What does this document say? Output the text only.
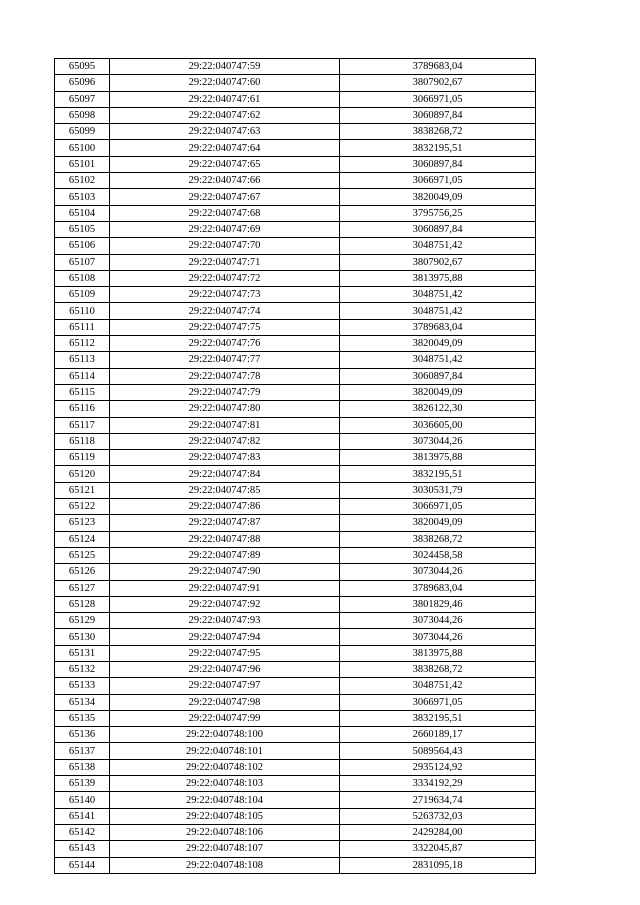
65095	29:22:040747:59	3789683,04
65096	29:22:040747:60	3807902,67
65097	29:22:040747:61	3066971,05
65098	29:22:040747:62	3060897,84
65099	29:22:040747:63	3838268,72
65100	29:22:040747:64	3832195,51
65101	29:22:040747:65	3060897,84
65102	29:22:040747:66	3066971,05
65103	29:22:040747:67	3820049,09
65104	29:22:040747:68	3795756,25
65105	29:22:040747:69	3060897,84
65106	29:22:040747:70	3048751,42
65107	29:22:040747:71	3807902,67
65108	29:22:040747:72	3813975,88
65109	29:22:040747:73	3048751,42
65110	29:22:040747:74	3048751,42
65111	29:22:040747:75	3789683,04
65112	29:22:040747:76	3820049,09
65113	29:22:040747:77	3048751,42
65114	29:22:040747:78	3060897,84
65115	29:22:040747:79	3820049,09
65116	29:22:040747:80	3826122,30
65117	29:22:040747:81	3036605,00
65118	29:22:040747:82	3073044,26
65119	29:22:040747:83	3813975,88
65120	29:22:040747:84	3832195,51
65121	29:22:040747:85	3030531,79
65122	29:22:040747:86	3066971,05
65123	29:22:040747:87	3820049,09
65124	29:22:040747:88	3838268,72
65125	29:22:040747:89	3024458,58
65126	29:22:040747:90	3073044,26
65127	29:22:040747:91	3789683,04
65128	29:22:040747:92	3801829,46
65129	29:22:040747:93	3073044,26
65130	29:22:040747:94	3073044,26
65131	29:22:040747:95	3813975,88
65132	29:22:040747:96	3838268,72
65133	29:22:040747:97	3048751,42
65134	29:22:040747:98	3066971,05
65135	29:22:040747:99	3832195,51
65136	29:22:040748:100	2660189,17
65137	29:22:040748:101	5089564,43
65138	29:22:040748:102	2935124,92
65139	29:22:040748:103	3334192,29
65140	29:22:040748:104	2719634,74
65141	29:22:040748:105	5263732,03
65142	29:22:040748:106	2429284,00
65143	29:22:040748:107	3322045,87
65144	29:22:040748:108	2831095,18
